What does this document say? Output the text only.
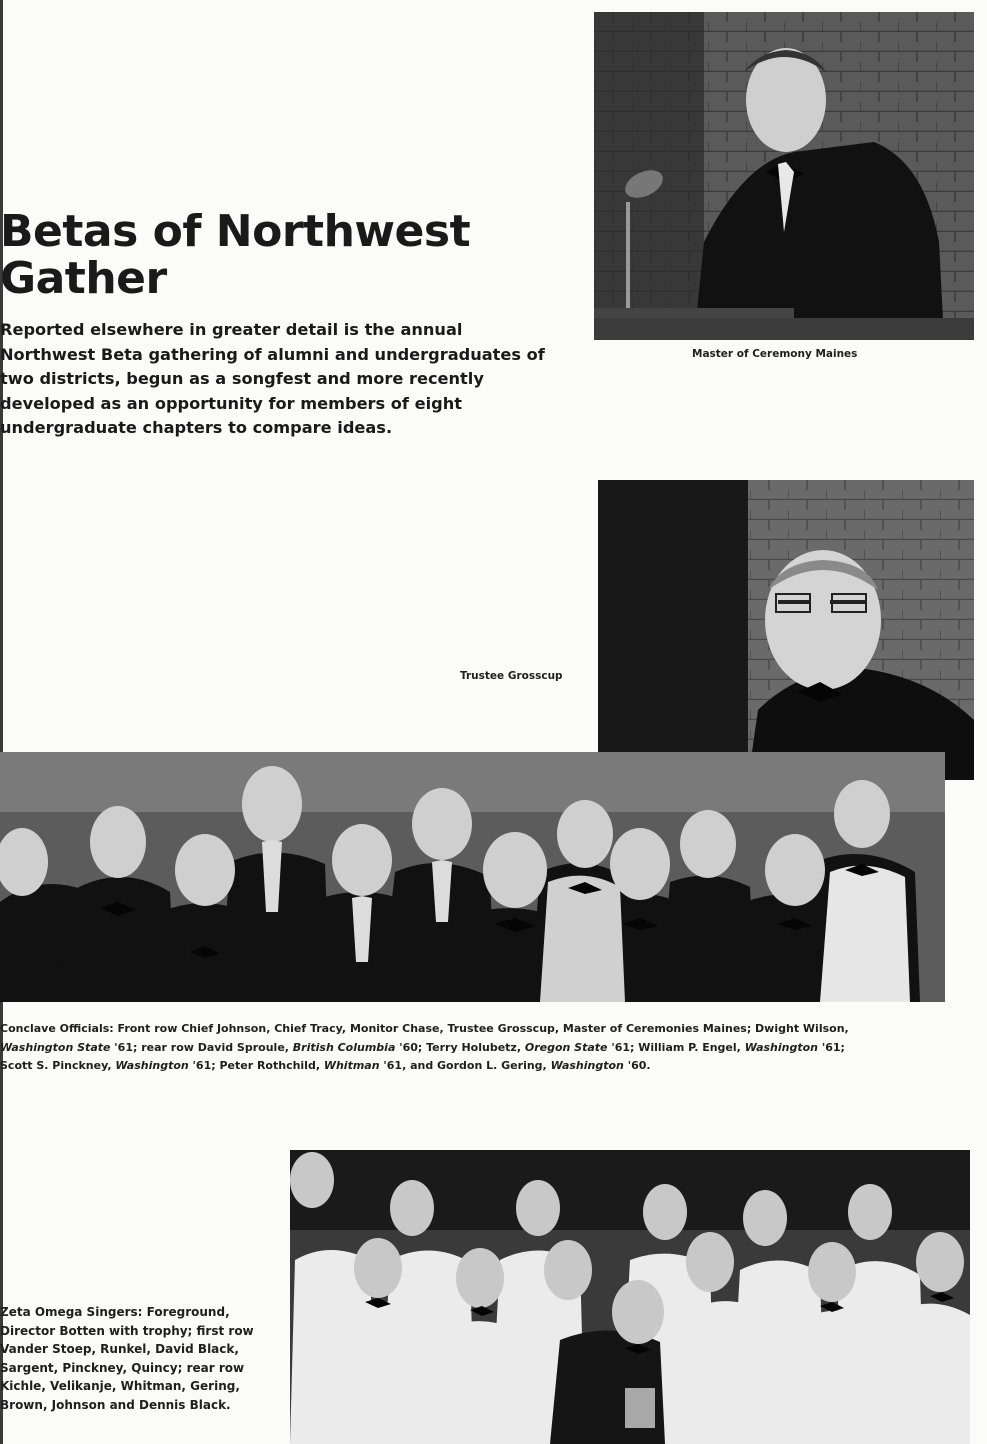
Betas of Northwest
Gather

Reported elsewhere in greater detail is the annual Northwest Beta gathering of alumni and undergraduates of two districts, begun as a songfest and more recently developed as an opportunity for members of eight undergraduate chapters to compare ideas.

Master of Ceremony Maines

Trustee Grosscup

Conclave Officials: Front row Chief Johnson, Chief Tracy, Monitor Chase, Trustee Grosscup, Master of Ceremonies Maines; Dwight Wilson, Washington State '61; rear row David Sproule, British Columbia '60; Terry Holubetz, Oregon State '61; William P. Engel, Washington '61; Scott S. Pinckney, Washington '61; Peter Rothchild, Whitman '61, and Gordon L. Gering, Washington '60.

Zeta Omega Singers: Foreground, Director Botten with trophy; first row Vander Stoep, Runkel, David Black, Sargent, Pinckney, Quincy; rear row Kichle, Velikanje, Whitman, Gering, Brown, Johnson and Dennis Black.
